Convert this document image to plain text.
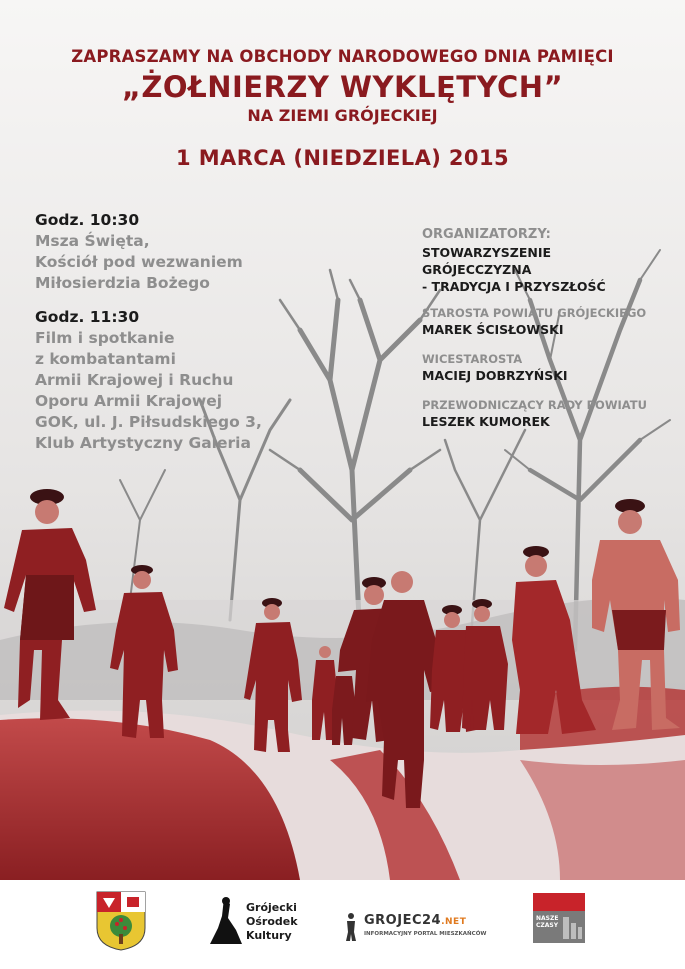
ZAPRASZAMY NA OBCHODY NARODOWEGO DNIA PAMIĘCI

„ŻOŁNIERZY WYKLĘTYCH”

NA ZIEMI GRÓJECKIEJ

1 MARCA (NIEDZIELA) 2015

Godz. 10:30
Msza Święta,
Kościół pod wezwaniem
Miłosierdzia Bożego
Godz. 11:30
Film i spotkanie
z kombatantami
Armii Krajowej i Ruchu
Oporu Armii Krajowej
GOK, ul. J. Piłsudskiego 3,
Klub Artystyczny Galeria
ORGANIZATORZY:
STOWARZYSZENIE
GRÓJECCZYZNA
- TRADYCJA I PRZYSZŁOŚĆ
STAROSTA POWIATU GRÓJECKIEGO
MAREK ŚCISŁOWSKI
WICESTAROSTA
MACIEJ DOBRZYŃSKI
PRZEWODNICZĄCY RADY POWIATU
LESZEK KUMOREK
Grójecki
Ośrodek
Kultury
GROJEC24.NET
INFORMACYJNY PORTAL MIESZKAŃCÓW
NASZE
CZASY
